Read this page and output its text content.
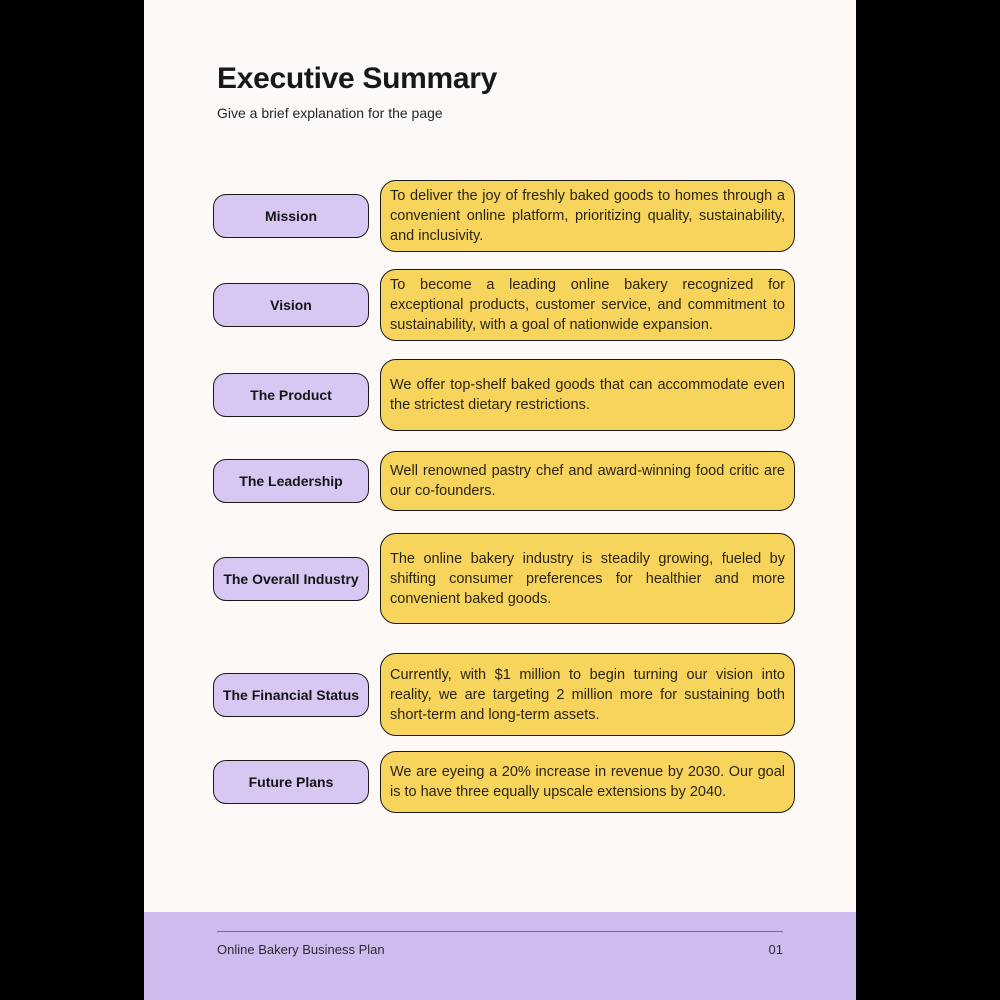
Executive Summary

Give a brief explanation for the page

Mission
To deliver the joy of freshly baked goods to homes through a convenient online platform, prioritizing quality, sustainability, and inclusivity.
Vision
To become a leading online bakery recognized for exceptional products, customer service, and commitment to sustainability, with a goal of nationwide expansion.
The Product
We offer top-shelf baked goods that can accommodate even the strictest dietary restrictions.
The Leadership
Well renowned pastry chef and award-winning food critic are our co-founders.
The Overall Industry
The online bakery industry is steadily growing, fueled by shifting consumer preferences for healthier and more convenient baked goods.
The Financial Status
Currently, with $1 million to begin turning our vision into reality, we are targeting 2 million more for sustaining both short-term and long-term assets.
Future Plans
We are eyeing a 20% increase in revenue by 2030. Our goal is to have three equally upscale extensions by 2040.
Online Bakery Business Plan	01
